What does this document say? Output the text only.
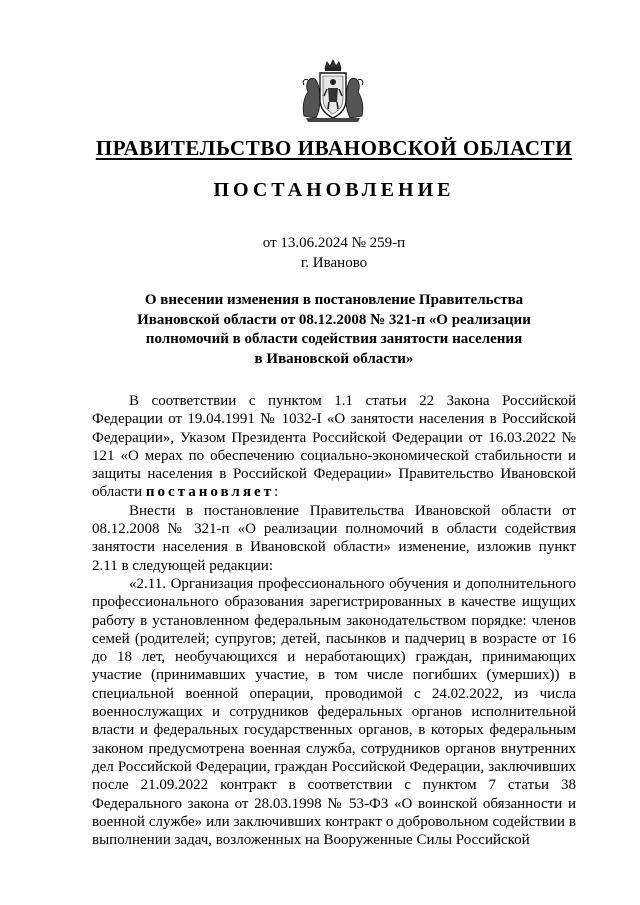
ПРАВИТЕЛЬСТВО ИВАНОВСКОЙ ОБЛАСТИ
ПОСТАНОВЛЕНИЕ
от 13.06.2024 № 259-п
г. Иваново
О внесении изменения в постановление Правительства
Ивановской области от 08.12.2008 № 321-п «О реализации
полномочий в области содействия занятости населения
в Ивановской области»

В соответствии с пунктом 1.1 статьи 22 Закона Российской Федерации от 19.04.1991 № 1032-I «О занятости населения в Российской Федерации», Указом Президента Российской Федерации от 16.03.2022 № 121 «О мерах по обеспечению социально-экономической стабильности и защиты населения в Российской Федерации» Правительство Ивановской области постановляет:

Внести в постановление Правительства Ивановской области от 08.12.2008 № 321-п «О реализации полномочий в области содействия занятости населения в Ивановской области» изменение, изложив пункт 2.11 в следующей редакции:

«2.11. Организация профессионального обучения и дополнительного профессионального образования зарегистрированных в качестве ищущих работу в установленном федеральным законодательством порядке: членов семей (родителей; супругов; детей, пасынков и падчериц в возрасте от 16 до 18 лет, необучающихся и неработающих) граждан, принимающих участие (принимавших участие, в том числе погибших (умерших)) в специальной военной операции, проводимой с 24.02.2022, из числа военнослужащих и сотрудников федеральных органов исполнительной власти и федеральных государственных органов, в которых федеральным законом предусмотрена военная служба, сотрудников органов внутренних дел Российской Федерации, граждан Российской Федерации, заключивших после 21.09.2022 контракт в соответствии с пунктом 7 статьи 38 Федерального закона от 28.03.1998 № 53-ФЗ «О воинской обязанности и военной службе» или заключивших контракт о добровольном содействии в выполнении задач, возложенных на Вооруженные Силы Российской
